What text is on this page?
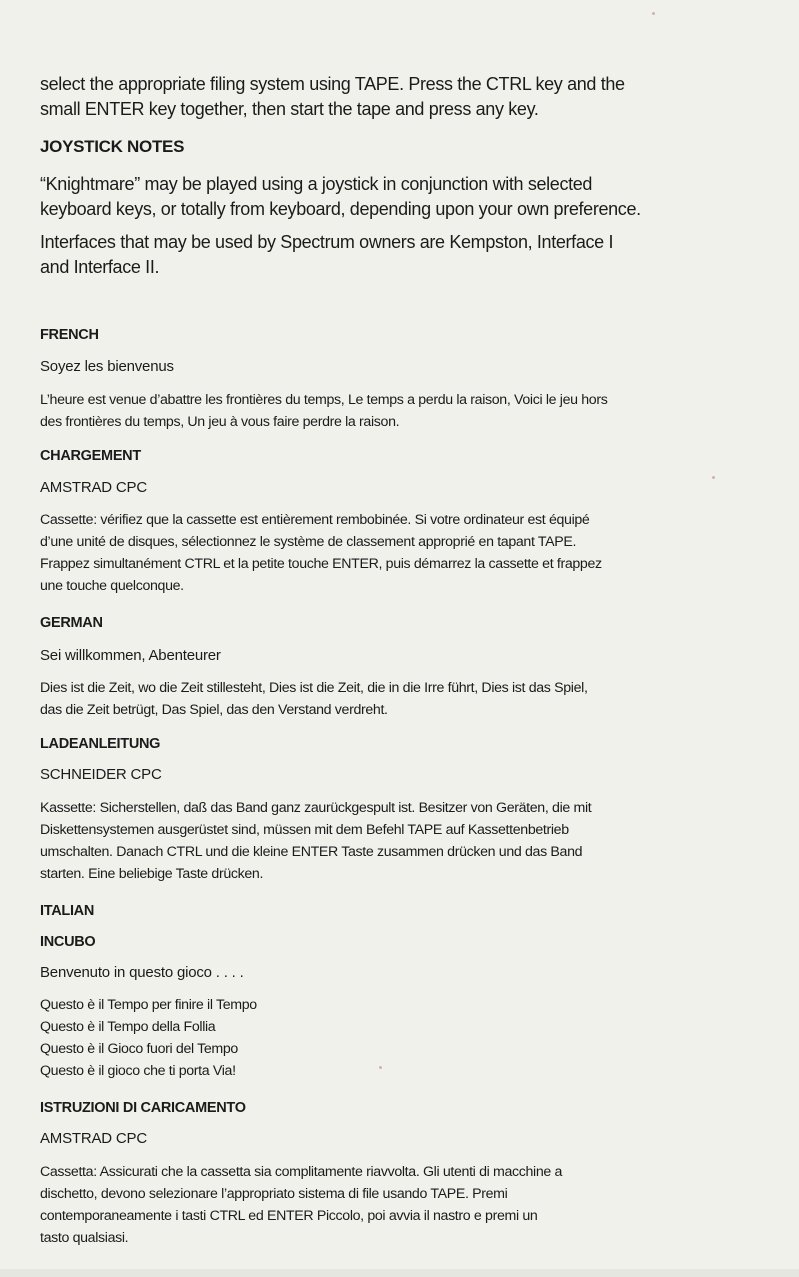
select the appropriate filing system using TAPE. Press the CTRL key and the
small ENTER key together, then start the tape and press any key.
JOYSTICK NOTES
“Knightmare” may be played using a joystick in conjunction with selected
keyboard keys, or totally from keyboard, depending upon your own preference.
Interfaces that may be used by Spectrum owners are Kempston, Interface I
and Interface II.
FRENCH
Soyez les bienvenus
L’heure est venue d’abattre les frontières du temps, Le temps a perdu la raison, Voici le jeu hors
des frontières du temps, Un jeu à vous faire perdre la raison.
CHARGEMENT
AMSTRAD CPC
Cassette: vérifiez que la cassette est entièrement rembobinée. Si votre ordinateur est équipé
d’une unité de disques, sélectionnez le système de classement approprié en tapant TAPE.
Frappez simultanément CTRL et la petite touche ENTER, puis démarrez la cassette et frappez
une touche quelconque.
GERMAN
Sei willkommen, Abenteurer
Dies ist die Zeit, wo die Zeit stillesteht, Dies ist die Zeit, die in die Irre führt, Dies ist das Spiel,
das die Zeit betrügt, Das Spiel, das den Verstand verdreht.
LADEANLEITUNG
SCHNEIDER CPC
Kassette: Sicherstellen, daß das Band ganz zaurückgespult ist. Besitzer von Geräten, die mit
Diskettensystemen ausgerüstet sind, müssen mit dem Befehl TAPE auf Kassettenbetrieb
umschalten. Danach CTRL und die kleine ENTER Taste zusammen drücken und das Band
starten. Eine beliebige Taste drücken.
ITALIAN
INCUBO
Benvenuto in questo gioco . . . .
Questo è il Tempo per finire il Tempo
Questo è il Tempo della Follia
Questo è il Gioco fuori del Tempo
Questo è il gioco che ti porta Via!
ISTRUZIONI DI CARICAMENTO
AMSTRAD CPC
Cassetta: Assicurati che la cassetta sia complitamente riavvolta. Gli utenti di macchine a
dischetto, devono selezionare l’appropriato sistema di file usando TAPE. Premi
contemporaneamente i tasti CTRL ed ENTER Piccolo, poi avvia il nastro e premi un
tasto qualsiasi.
